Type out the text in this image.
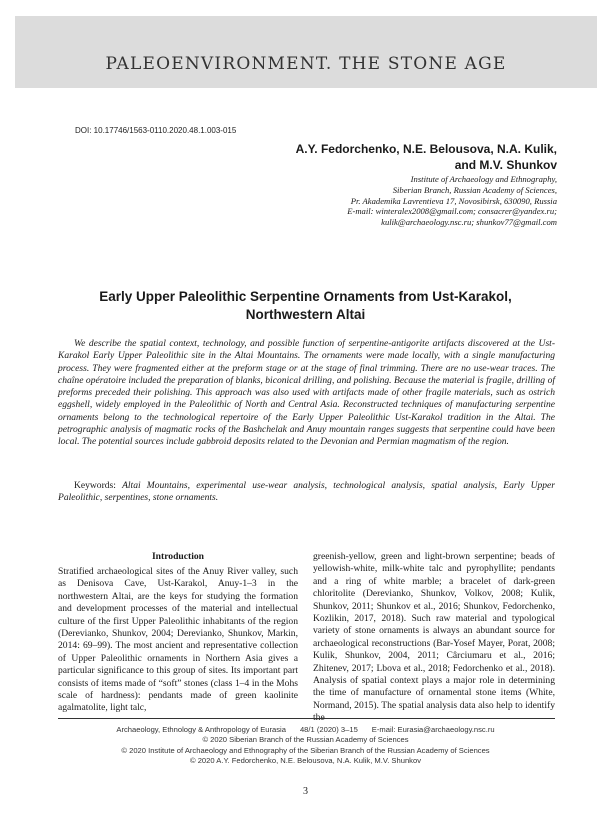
PALEOENVIRONMENT. THE STONE AGE
DOI: 10.17746/1563-0110.2020.48.1.003-015
A.Y. Fedorchenko, N.E. Belousova, N.A. Kulik,
and M.V. Shunkov
Institute of Archaeology and Ethnography,
Siberian Branch, Russian Academy of Sciences,
Pr. Akademika Lavrentieva 17, Novosibirsk, 630090, Russia
E-mail: winteralex2008@gmail.com; consacrer@yandex.ru;
kulik@archaeology.nsc.ru; shunkov77@gmail.com
Early Upper Paleolithic Serpentine Ornaments from Ust-Karakol,
Northwestern Altai

We describe the spatial context, technology, and possible function of serpentine-antigorite artifacts discovered at the Ust-Karakol Early Upper Paleolithic site in the Altai Mountains. The ornaments were made locally, with a single manufacturing process. They were fragmented either at the preform stage or at the stage of final trimming. There are no use-wear traces. The chaîne opératoire included the preparation of blanks, biconical drilling, and polishing. Because the material is fragile, drilling of preforms preceded their polishing. This approach was also used with artifacts made of other fragile materials, such as ostrich eggshell, widely employed in the Paleolithic of North and Central Asia. Reconstructed techniques of manufacturing serpentine ornaments belong to the technological repertoire of the Early Upper Paleolithic Ust-Karakol tradition in the Altai. The petrographic analysis of magmatic rocks of the Bashchelak and Anuy mountain ranges suggests that serpentine could have been local. The potential sources include gabbroid deposits related to the Devonian and Permian magmatism of the region.

Keywords: Altai Mountains, experimental use-wear analysis, technological analysis, spatial analysis, Early Upper Paleolithic, serpentines, stone ornaments.

Introduction

Stratified archaeological sites of the Anuy River valley, such as Denisova Cave, Ust-Karakol, Anuy-1–3 in the northwestern Altai, are the keys for studying the formation and development processes of the material and intellectual culture of the first Upper Paleolithic inhabitants of the region (Derevianko, Shunkov, 2004; Derevianko, Shunkov, Markin, 2014: 69–99). The most ancient and representative collection of Upper Paleolithic ornaments in Northern Asia gives a particular significance to this group of sites. Its important part consists of items made of “soft” stones (class 1–4 in the Mohs scale of hardness): pendants made of green kaolinite agalmatolite, light talc,

greenish-yellow, green and light-brown serpentine; beads of yellowish-white, milk-white talc and pyrophyllite; pendants and a ring of white marble; a bracelet of dark-green chloritolite (Derevianko, Shunkov, Volkov, 2008; Kulik, Shunkov, 2011; Shunkov et al., 2016; Shunkov, Fedorchenko, Kozlikin, 2017, 2018). Such raw material and typological variety of stone ornaments is always an abundant source for archaeological reconstructions (Bar-Yosef Mayer, Porat, 2008; Kulik, Shunkov, 2004, 2011; Cârciumaru et al., 2016; Zhitenev, 2017; Lbova et al., 2018; Fedorchenko et al., 2018). Analysis of spatial context plays a major role in determining the time of manufacture of ornamental stone items (White, Normand, 2015). The spatial analysis data also help to identify the

Archaeology, Ethnology & Anthropology of Eurasia 48/1 (2020) 3–15 E-mail: Eurasia@archaeology.nsc.ru
© 2020 Siberian Branch of the Russian Academy of Sciences
© 2020 Institute of Archaeology and Ethnography of the Siberian Branch of the Russian Academy of Sciences
© 2020 A.Y. Fedorchenko, N.E. Belousova, N.A. Kulik, M.V. Shunkov
3
